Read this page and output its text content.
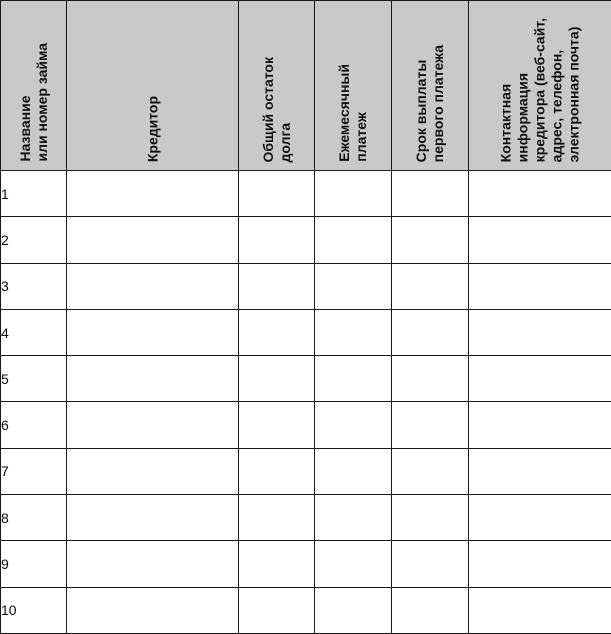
Название или номер займа	Кредитор	Общий остаток долга	Ежемесячный платеж	Срок выплаты первого платежа	Контактная информация кредитора (веб-сайт, адрес, телефон, электронная почта)

1					
2					
3					
4					
5					
6					
7					
8					
9					
10					
